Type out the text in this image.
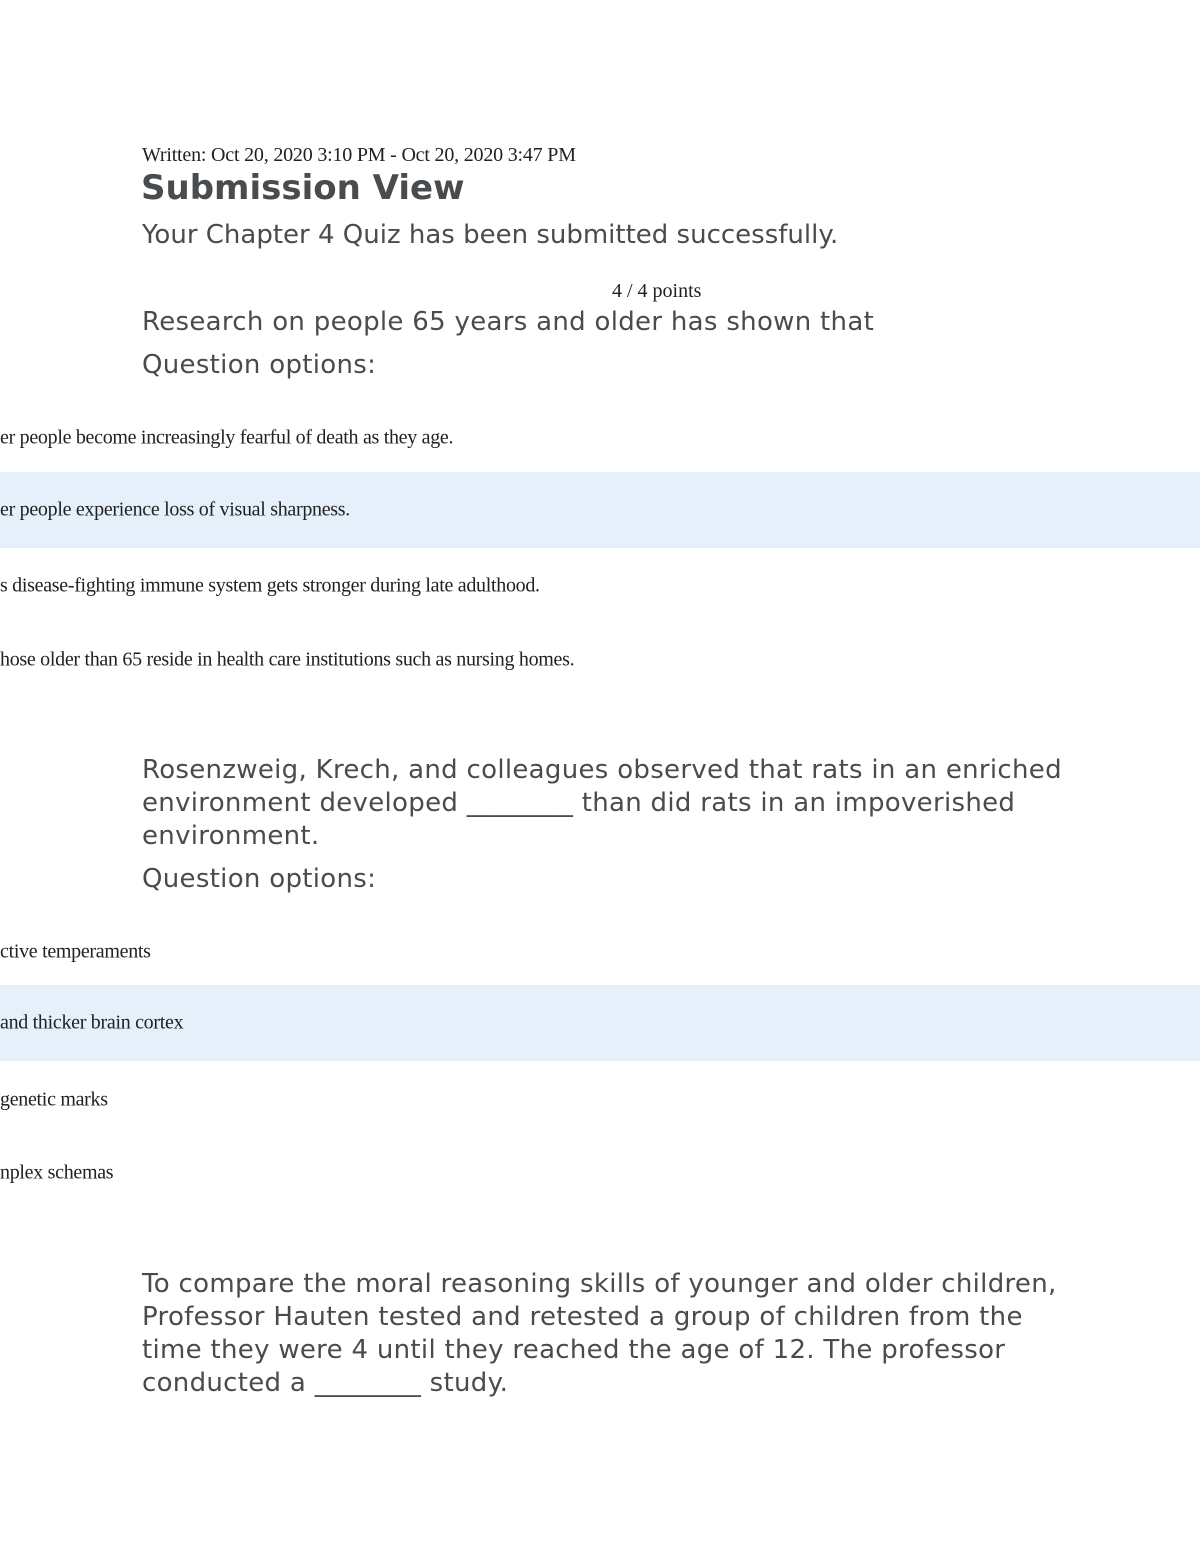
Written: Oct 20, 2020 3:10 PM - Oct 20, 2020 3:47 PM
Submission View
Your Chapter 4 Quiz has been submitted successfully.
4 / 4 points
Research on people 65 years and older has shown that
Question options:
er people become increasingly fearful of death as they age.
er people experience loss of visual sharpness.
s disease-fighting immune system gets stronger during late adulthood.
hose older than 65 reside in health care institutions such as nursing homes.
Rosenzweig, Krech, and colleagues observed that rats in an enriched environment developed ________ than did rats in an impoverished environment.
Question options:
ctive temperaments
and thicker brain cortex
genetic marks
nplex schemas
To compare the moral reasoning skills of younger and older children, Professor Hauten tested and retested a group of children from the time they were 4 until they reached the age of 12. The professor conducted a ________ study.
